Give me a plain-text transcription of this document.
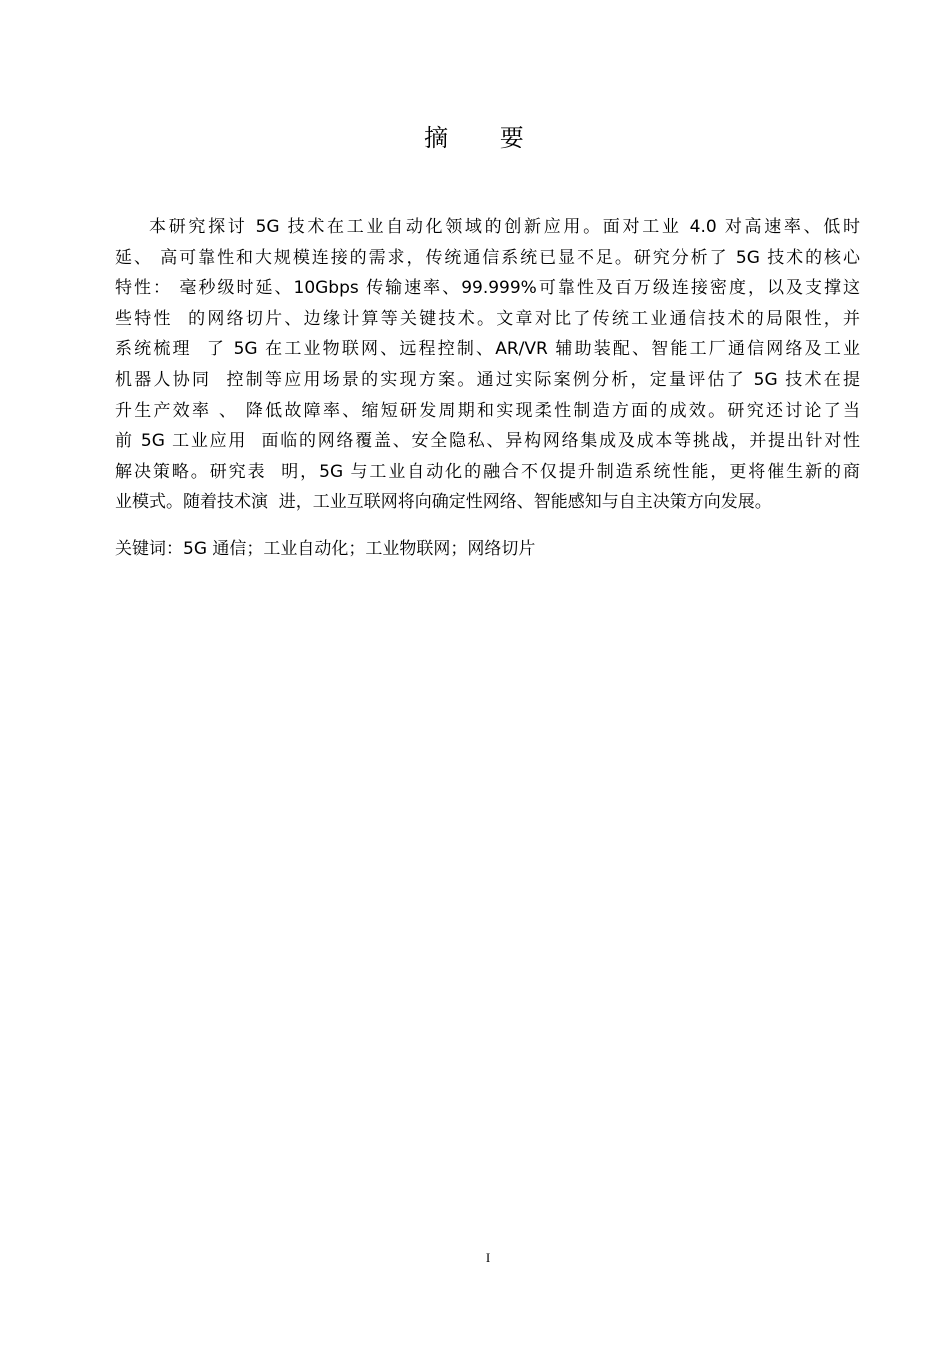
摘 要
本研究探讨 5G 技术在工业自动化领域的创新应用。面对工业 4.0 对高速率、低时
延、 高可靠性和大规模连接的需求，传统通信系统已显不足。研究分析了 5G 技术的核心
特性： 毫秒级时延、10Gbps 传输速率、99.999%可靠性及百万级连接密度，以及支撑这
些特性  的网络切片、边缘计算等关键技术。文章对比了传统工业通信技术的局限性，并
系统梳理  了 5G 在工业物联网、远程控制、AR/VR 辅助装配、智能工厂通信网络及工业
机器人协同  控制等应用场景的实现方案。通过实际案例分析，定量评估了 5G 技术在提
升生产效率 、 降低故障率、缩短研发周期和实现柔性制造方面的成效。研究还讨论了当
前 5G 工业应用  面临的网络覆盖、安全隐私、异构网络集成及成本等挑战，并提出针对性
解决策略。研究表  明，5G 与工业自动化的融合不仅提升制造系统性能，更将催生新的商
业模式。随着技术演  进，工业互联网将向确定性网络、智能感知与自主决策方向发展。

关键词：5G 通信；工业自动化；工业物联网；网络切片

I
